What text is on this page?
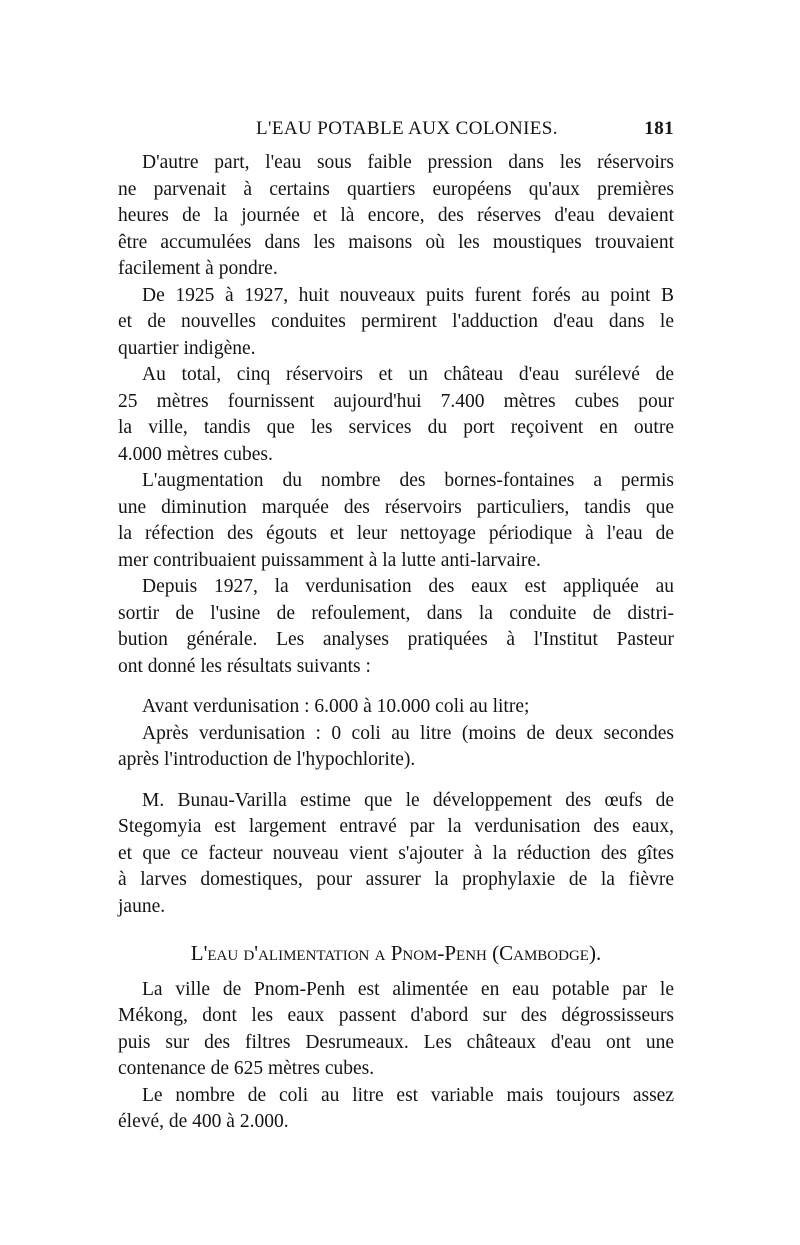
L'EAU POTABLE AUX COLONIES.	181
D'autre part, l'eau sous faible pression dans les réservoirs
ne parvenait à certains quartiers européens qu'aux premières
heures de la journée et là encore, des réserves d'eau devaient
être accumulées dans les maisons où les moustiques trouvaient
facilement à pondre.
De 1925 à 1927, huit nouveaux puits furent forés au point B
et de nouvelles conduites permirent l'adduction d'eau dans le
quartier indigène.
Au total, cinq réservoirs et un château d'eau surélevé de
25 mètres fournissent aujourd'hui 7.400 mètres cubes pour
la ville, tandis que les services du port reçoivent en outre
4.000 mètres cubes.
L'augmentation du nombre des bornes-fontaines a permis
une diminution marquée des réservoirs particuliers, tandis que
la réfection des égouts et leur nettoyage périodique à l'eau de
mer contribuaient puissamment à la lutte anti-larvaire.
Depuis 1927, la verdunisation des eaux est appliquée au
sortir de l'usine de refoulement, dans la conduite de distri-
bution générale. Les analyses pratiquées à l'Institut Pasteur
ont donné les résultats suivants :
Avant verdunisation : 6.000 à 10.000 coli au litre;
Après verdunisation : 0 coli au litre (moins de deux secondes
après l'introduction de l'hypochlorite).
M. Bunau-Varilla estime que le développement des œufs de
Stegomyia est largement entravé par la verdunisation des eaux,
et que ce facteur nouveau vient s'ajouter à la réduction des gîtes
à larves domestiques, pour assurer la prophylaxie de la fièvre
jaune.
L'eau d'alimentation a Pnom-Penh (Cambodge).
La ville de Pnom-Penh est alimentée en eau potable par le
Mékong, dont les eaux passent d'abord sur des dégrossisseurs
puis sur des filtres Desrumeaux. Les châteaux d'eau ont une
contenance de 625 mètres cubes.
Le nombre de coli au litre est variable mais toujours assez
élevé, de 400 à 2.000.
